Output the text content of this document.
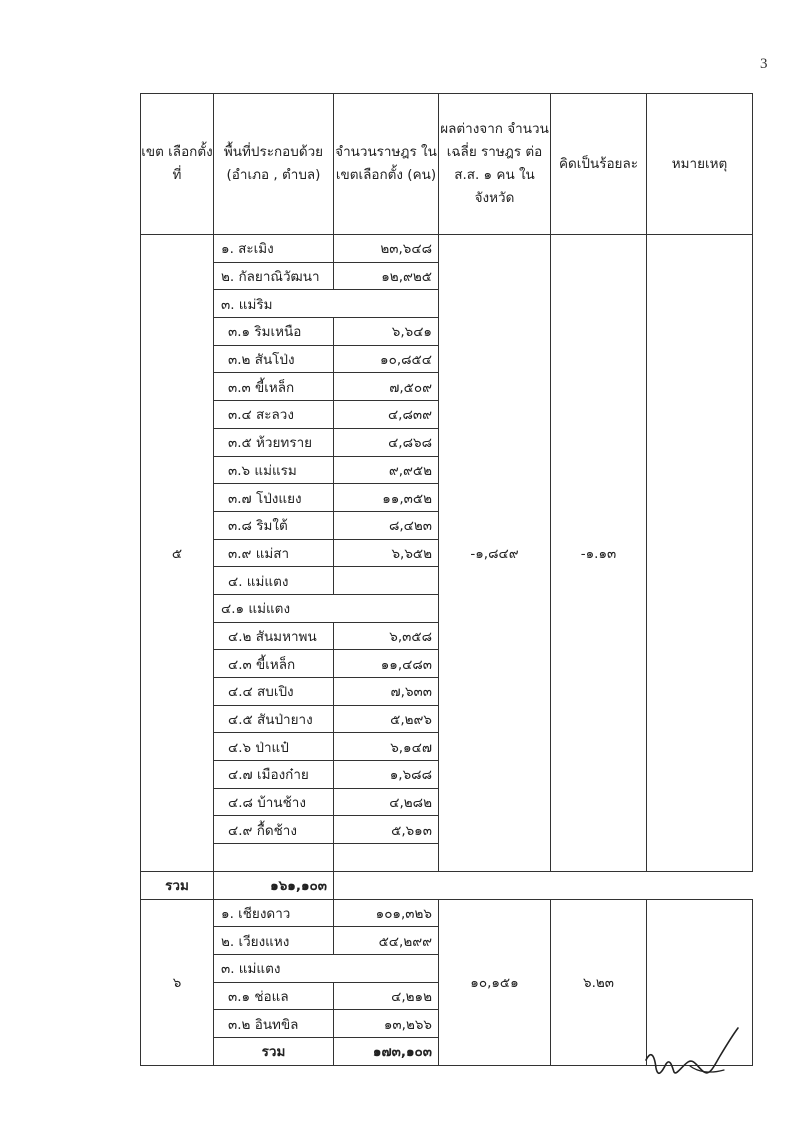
3
เขต เลือกตั้งที่	พื้นที่ประกอบด้วย (อำเภอ , ตำบล)	จำนวนราษฎร ในเขตเลือกตั้ง (คน)	ผลต่างจาก จำนวนเฉลี่ย ราษฎร ต่อ ส.ส. ๑ คน ในจังหวัด	คิดเป็นร้อยละ	หมายเหตุ
๕	๑. สะเมิง	๒๓,๖๔๘	-๑,๘๔๙	-๑.๑๓	
	๒. กัลยาณิวัฒนา	๑๒,๙๒๕			
	๓. แม่ริม				
	๓.๑ ริมเหนือ	๖,๖๔๑			
	๓.๒ สันโป่ง	๑๐,๘๕๔			
	๓.๓ ขี้เหล็ก	๗,๕๐๙			
	๓.๔ สะลวง	๔,๘๓๙			
	๓.๕ ห้วยทราย	๔,๘๖๘			
	๓.๖ แม่แรม	๙,๙๕๒			
	๓.๗ โป่งแยง	๑๑,๓๕๒			
	๓.๘ ริมใต้	๘,๔๒๓			
	๓.๙ แม่สา	๖,๖๕๒			
	๔. แม่แตง				
	๔.๑ แม่แตง				
	๔.๒ สันมหาพน	๖,๓๕๘			
	๔.๓ ขี้เหล็ก	๑๑,๔๘๓			
	๔.๔ สบเปิง	๗,๖๓๓			
	๔.๕ สันป่ายาง	๕,๒๙๖			
	๔.๖ ป่าแป๋	๖,๑๔๗			
	๔.๗ เมืองก๋าย	๑,๖๘๘			
	๔.๘ บ้านช้าง	๔,๒๘๒			
	๔.๙ กื้ดช้าง	๕,๖๑๓			

รวม	๑๖๑,๑๐๓				
๖	๑. เชียงดาว	๑๐๑,๓๒๖	๑๐,๑๕๑	๖.๒๓	
	๒. เวียงแหง	๕๔,๒๙๙			
	๓. แม่แตง				
	๓.๑ ช่อแล	๔,๒๑๒			
	๓.๒ อินทขิล	๑๓,๒๖๖			
	รวม	๑๗๓,๑๐๓			
